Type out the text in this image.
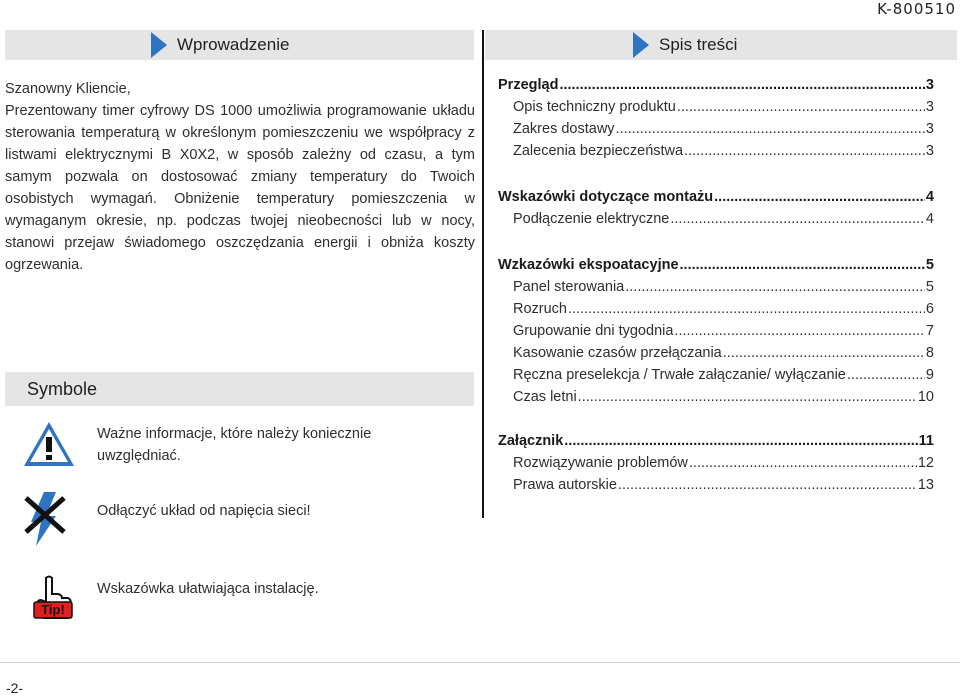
K-800510
Wprowadzenie	Spis treści

Szanowny Kliencie,
Prezentowany timer cyfrowy DS 1000 umożliwia programowanie układu sterowania temperaturą w określonym pomieszczeniu we współpracy z listwami elektrycznymi B X0X2, w sposób zależny od czasu, a tym samym pozwala on dostosować zmiany temperatury do Twoich osobistych wymagań. Obniżenie temperatury pomieszczenia w wymaganym okresie, np. podczas twojej nieobecności lub w nocy, stanowi przejaw świadomego oszczędzania energii i obniża koszty ogrzewania.

Symbole
Ważne informacje, które należy koniecznie uwzględniać.
Odłączyć układ od napięcia sieci!
Tip!
Wskazówka ułatwiająca instalację.
Przegląd .....	3
Opis techniczny produktu .....	3
Zakres dostawy .....	3
Zalecenia bezpieczeństwa .....	3
Wskazówki dotyczące montażu .....	4
Podłączenie elektryczne .....	4
Wzkazówki ekspoatacyjne .....	5
Panel sterowania .....	5
Rozruch .....	6
Grupowanie dni tygodnia .....	7
Kasowanie czasów przełączania .....	8
Ręczna preselekcja / Trwałe załączanie/ wyłączanie .....	9
Czas letni .....	10
Załącznik .....	11
Rozwiązywanie problemów .....	12
Prawa autorskie .....	13
-2-
